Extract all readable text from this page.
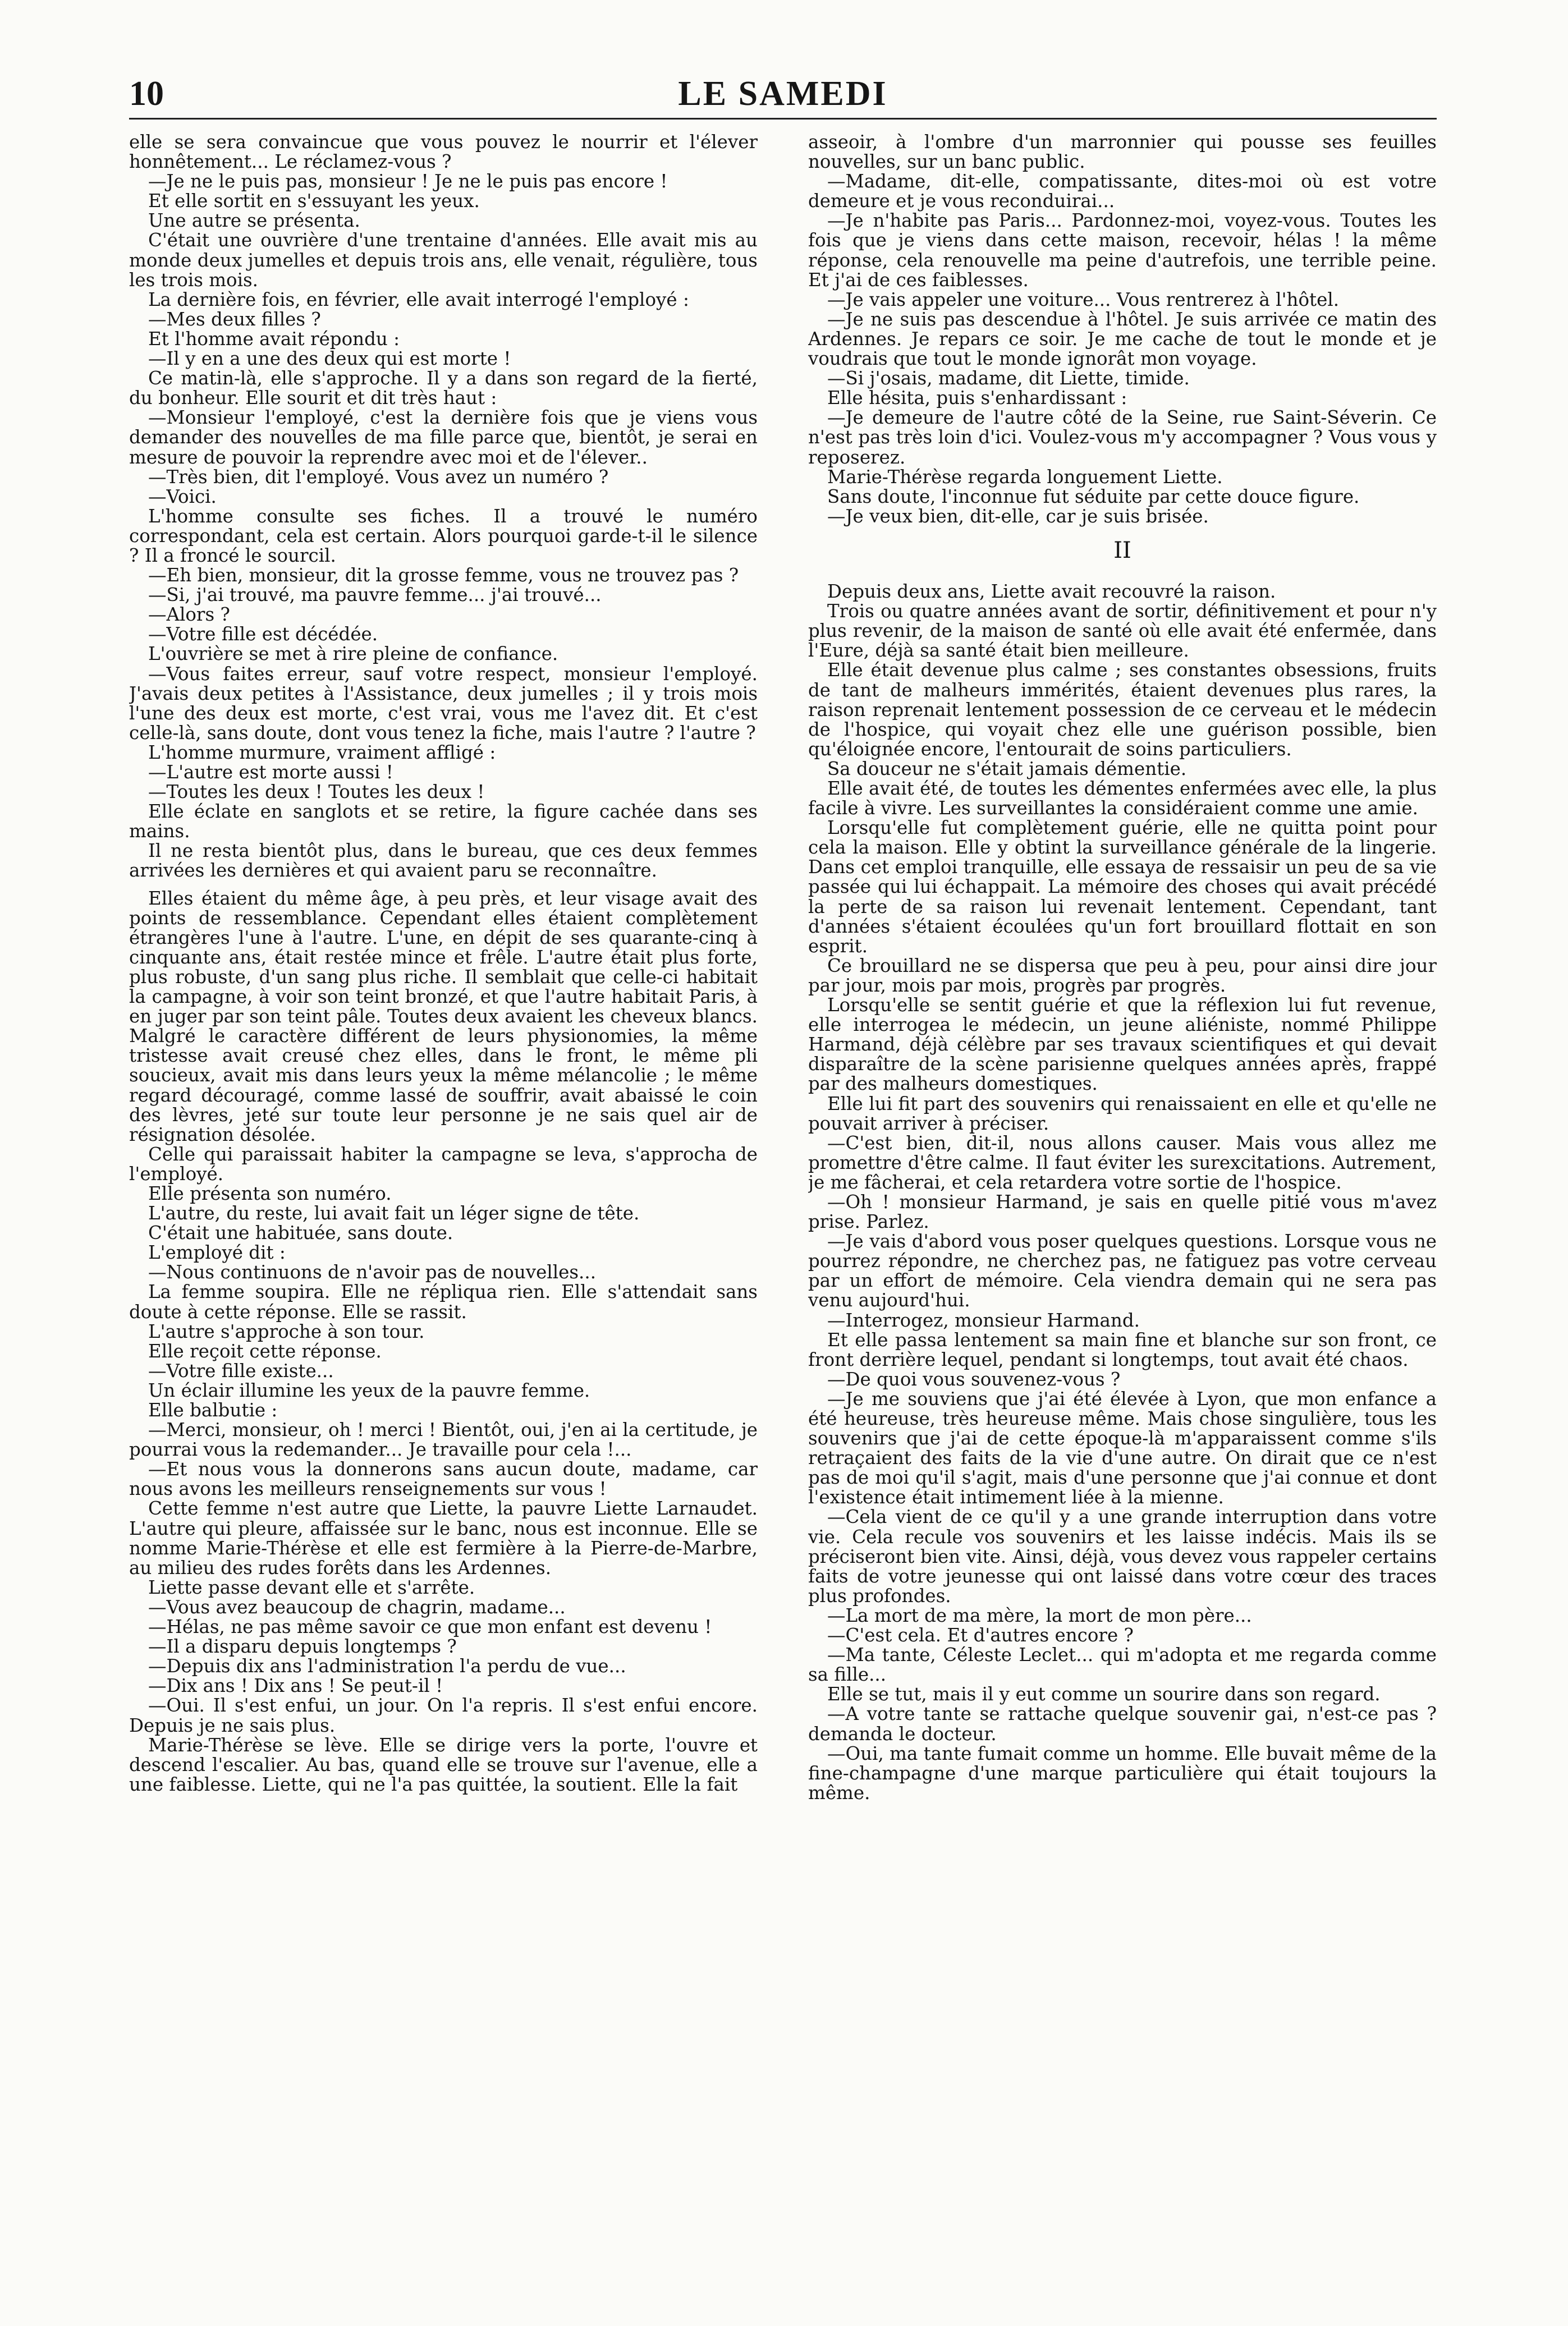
10	LE SAMEDI

elle se sera convaincue que vous pouvez le nourrir et l'élever honnêtement... Le réclamez-vous ?

—Je ne le puis pas, monsieur ! Je ne le puis pas encore !

Et elle sortit en s'essuyant les yeux.

Une autre se présenta.

C'était une ouvrière d'une trentaine d'années. Elle avait mis au monde deux jumelles et depuis trois ans, elle venait, régulière, tous les trois mois.

La dernière fois, en février, elle avait interrogé l'employé :

—Mes deux filles ?

Et l'homme avait répondu :

—Il y en a une des deux qui est morte !

Ce matin-là, elle s'approche. Il y a dans son regard de la fierté, du bonheur. Elle sourit et dit très haut :

—Monsieur l'employé, c'est la dernière fois que je viens vous demander des nouvelles de ma fille parce que, bientôt, je serai en mesure de pouvoir la reprendre avec moi et de l'élever..

—Très bien, dit l'employé. Vous avez un numéro ?

—Voici.

L'homme consulte ses fiches. Il a trouvé le numéro correspondant, cela est certain. Alors pourquoi garde-t-il le silence ? Il a froncé le sourcil.

—Eh bien, monsieur, dit la grosse femme, vous ne trouvez pas ?

—Si, j'ai trouvé, ma pauvre femme... j'ai trouvé...

—Alors ?

—Votre fille est décédée.

L'ouvrière se met à rire pleine de confiance.

—Vous faites erreur, sauf votre respect, monsieur l'employé. J'avais deux petites à l'Assistance, deux jumelles ; il y trois mois l'une des deux est morte, c'est vrai, vous me l'avez dit. Et c'est celle-là, sans doute, dont vous tenez la fiche, mais l'autre ? l'autre ?

L'homme murmure, vraiment affligé :

—L'autre est morte aussi !

—Toutes les deux ! Toutes les deux !

Elle éclate en sanglots et se retire, la figure cachée dans ses mains.

Il ne resta bientôt plus, dans le bureau, que ces deux femmes arrivées les dernières et qui avaient paru se reconnaître.

Elles étaient du même âge, à peu près, et leur visage avait des points de ressemblance. Cependant elles étaient complètement étrangères l'une à l'autre. L'une, en dépit de ses quarante-cinq à cinquante ans, était restée mince et frêle. L'autre était plus forte, plus robuste, d'un sang plus riche. Il semblait que celle-ci habitait la campagne, à voir son teint bronzé, et que l'autre habitait Paris, à en juger par son teint pâle. Toutes deux avaient les cheveux blancs. Malgré le caractère différent de leurs physionomies, la même tristesse avait creusé chez elles, dans le front, le même pli soucieux, avait mis dans leurs yeux la même mélancolie ; le même regard découragé, comme lassé de souffrir, avait abaissé le coin des lèvres, jeté sur toute leur personne je ne sais quel air de résignation désolée.

Celle qui paraissait habiter la campagne se leva, s'approcha de l'employé.

Elle présenta son numéro.

L'autre, du reste, lui avait fait un léger signe de tête.

C'était une habituée, sans doute.

L'employé dit :

—Nous continuons de n'avoir pas de nouvelles...

La femme soupira. Elle ne répliqua rien. Elle s'attendait sans doute à cette réponse. Elle se rassit.

L'autre s'approche à son tour.

Elle reçoit cette réponse.

—Votre fille existe...

Un éclair illumine les yeux de la pauvre femme.

Elle balbutie :

—Merci, monsieur, oh ! merci ! Bientôt, oui, j'en ai la certitude, je pourrai vous la redemander... Je travaille pour cela !...

—Et nous vous la donnerons sans aucun doute, madame, car nous avons les meilleurs renseignements sur vous !

Cette femme n'est autre que Liette, la pauvre Liette Larnaudet. L'autre qui pleure, affaissée sur le banc, nous est inconnue. Elle se nomme Marie-Thérèse et elle est fermière à la Pierre-de-Marbre, au milieu des rudes forêts dans les Ardennes.

Liette passe devant elle et s'arrête.

—Vous avez beaucoup de chagrin, madame...

—Hélas, ne pas même savoir ce que mon enfant est devenu !

—Il a disparu depuis longtemps ?

—Depuis dix ans l'administration l'a perdu de vue...

—Dix ans ! Dix ans ! Se peut-il !

—Oui. Il s'est enfui, un jour. On l'a repris. Il s'est enfui encore. Depuis je ne sais plus.

Marie-Thérèse se lève. Elle se dirige vers la porte, l'ouvre et descend l'escalier. Au bas, quand elle se trouve sur l'avenue, elle a une faiblesse. Liette, qui ne l'a pas quittée, la soutient. Elle la fait

asseoir, à l'ombre d'un marronnier qui pousse ses feuilles nouvelles, sur un banc public.

—Madame, dit-elle, compatissante, dites-moi où est votre demeure et je vous reconduirai...

—Je n'habite pas Paris... Pardonnez-moi, voyez-vous. Toutes les fois que je viens dans cette maison, recevoir, hélas ! la même réponse, cela renouvelle ma peine d'autrefois, une terrible peine. Et j'ai de ces faiblesses.

—Je vais appeler une voiture... Vous rentrerez à l'hôtel.

—Je ne suis pas descendue à l'hôtel. Je suis arrivée ce matin des Ardennes. Je repars ce soir. Je me cache de tout le monde et je voudrais que tout le monde ignorât mon voyage.

—Si j'osais, madame, dit Liette, timide.

Elle hésita, puis s'enhardissant :

—Je demeure de l'autre côté de la Seine, rue Saint-Séverin. Ce n'est pas très loin d'ici. Voulez-vous m'y accompagner ? Vous vous y reposerez.

Marie-Thérèse regarda longuement Liette.

Sans doute, l'inconnue fut séduite par cette douce figure.

—Je veux bien, dit-elle, car je suis brisée.

II

Depuis deux ans, Liette avait recouvré la raison.

Trois ou quatre années avant de sortir, définitivement et pour n'y plus revenir, de la maison de santé où elle avait été enfermée, dans l'Eure, déjà sa santé était bien meilleure.

Elle était devenue plus calme ; ses constantes obsessions, fruits de tant de malheurs immérités, étaient devenues plus rares, la raison reprenait lentement possession de ce cerveau et le médecin de l'hospice, qui voyait chez elle une guérison possible, bien qu'éloignée encore, l'entourait de soins particuliers.

Sa douceur ne s'était jamais démentie.

Elle avait été, de toutes les démentes enfermées avec elle, la plus facile à vivre. Les surveillantes la considéraient comme une amie.

Lorsqu'elle fut complètement guérie, elle ne quitta point pour cela la maison. Elle y obtint la surveillance générale de la lingerie. Dans cet emploi tranquille, elle essaya de ressaisir un peu de sa vie passée qui lui échappait. La mémoire des choses qui avait précédé la perte de sa raison lui revenait lentement. Cependant, tant d'années s'étaient écoulées qu'un fort brouillard flottait en son esprit.

Ce brouillard ne se dispersa que peu à peu, pour ainsi dire jour par jour, mois par mois, progrès par progrès.

Lorsqu'elle se sentit guérie et que la réflexion lui fut revenue, elle interrogea le médecin, un jeune aliéniste, nommé Philippe Harmand, déjà célèbre par ses travaux scientifiques et qui devait disparaître de la scène parisienne quelques années après, frappé par des malheurs domestiques.

Elle lui fit part des souvenirs qui renaissaient en elle et qu'elle ne pouvait arriver à préciser.

—C'est bien, dit-il, nous allons causer. Mais vous allez me promettre d'être calme. Il faut éviter les surexcitations. Autrement, je me fâcherai, et cela retardera votre sortie de l'hospice.

—Oh ! monsieur Harmand, je sais en quelle pitié vous m'avez prise. Parlez.

—Je vais d'abord vous poser quelques questions. Lorsque vous ne pourrez répondre, ne cherchez pas, ne fatiguez pas votre cerveau par un effort de mémoire. Cela viendra demain qui ne sera pas venu aujourd'hui.

—Interrogez, monsieur Harmand.

Et elle passa lentement sa main fine et blanche sur son front, ce front derrière lequel, pendant si longtemps, tout avait été chaos.

—De quoi vous souvenez-vous ?

—Je me souviens que j'ai été élevée à Lyon, que mon enfance a été heureuse, très heureuse même. Mais chose singulière, tous les souvenirs que j'ai de cette époque-là m'apparaissent comme s'ils retraçaient des faits de la vie d'une autre. On dirait que ce n'est pas de moi qu'il s'agit, mais d'une personne que j'ai connue et dont l'existence était intimement liée à la mienne.

—Cela vient de ce qu'il y a une grande interruption dans votre vie. Cela recule vos souvenirs et les laisse indécis. Mais ils se préciseront bien vite. Ainsi, déjà, vous devez vous rappeler certains faits de votre jeunesse qui ont laissé dans votre cœur des traces plus profondes.

—La mort de ma mère, la mort de mon père...

—C'est cela. Et d'autres encore ?

—Ma tante, Céleste Leclet... qui m'adopta et me regarda comme sa fille...

Elle se tut, mais il y eut comme un sourire dans son regard.

—A votre tante se rattache quelque souvenir gai, n'est-ce pas ? demanda le docteur.

—Oui, ma tante fumait comme un homme. Elle buvait même de la fine-champagne d'une marque particulière qui était toujours la même.
